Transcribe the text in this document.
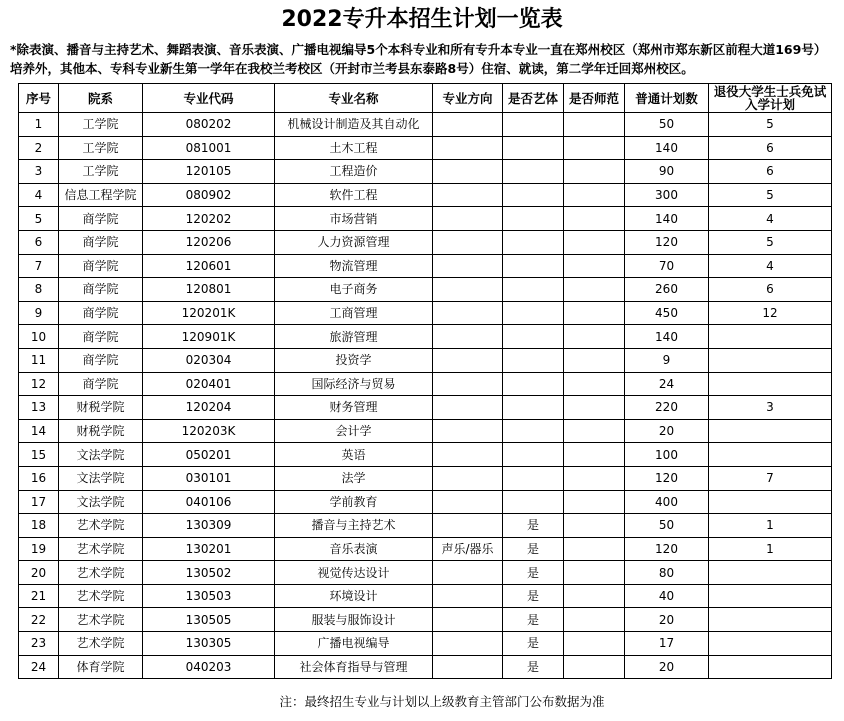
2022专升本招生计划一览表
*除表演、播音与主持艺术、舞蹈表演、音乐表演、广播电视编导5个本科专业和所有专升本专业一直在郑州校区（郑州市郑东新区前程大道169号）培养外，其他本、专科专业新生第一学年在我校兰考校区（开封市兰考县东泰路8号）住宿、就读，第二学年迁回郑州校区。
序号	院系	专业代码	专业名称	专业方向	是否艺体	是否师范	普通计划数	退役大学生士兵免试入学计划
1	工学院	080202	机械设计制造及其自动化				50	5
2	工学院	081001	土木工程				140	6
3	工学院	120105	工程造价				90	6
4	信息工程学院	080902	软件工程				300	5
5	商学院	120202	市场营销				140	4
6	商学院	120206	人力资源管理				120	5
7	商学院	120601	物流管理				70	4
8	商学院	120801	电子商务				260	6
9	商学院	120201K	工商管理				450	12
10	商学院	120901K	旅游管理				140	
11	商学院	020304	投资学				9	
12	商学院	020401	国际经济与贸易				24	
13	财税学院	120204	财务管理				220	3
14	财税学院	120203K	会计学				20	
15	文法学院	050201	英语				100	
16	文法学院	030101	法学				120	7
17	文法学院	040106	学前教育				400	
18	艺术学院	130309	播音与主持艺术		是		50	1
19	艺术学院	130201	音乐表演	声乐/器乐	是		120	1
20	艺术学院	130502	视觉传达设计		是		80	
21	艺术学院	130503	环境设计		是		40	
22	艺术学院	130505	服装与服饰设计		是		20	
23	艺术学院	130305	广播电视编导		是		17	
24	体育学院	040203	社会体育指导与管理		是		20	
注：最终招生专业与计划以上级教育主管部门公布数据为准
